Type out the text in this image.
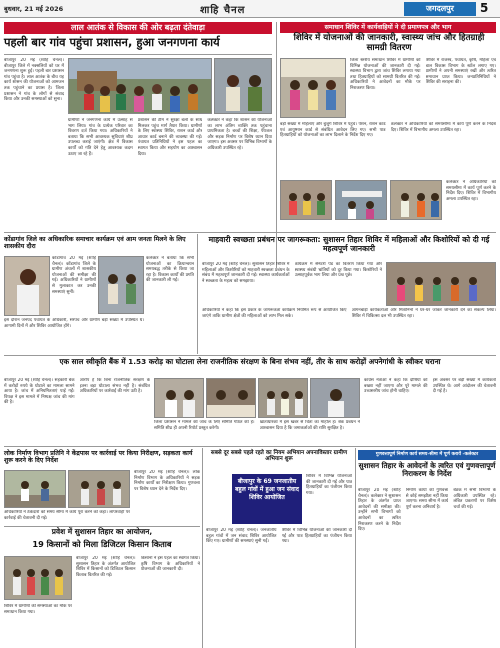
बुधवार, 21 मई 2026	शाहि चैनल	जगदलपुर	5
लाल आतंक से विकास की ओर बढ़ता दंतेवाड़ा
पहली बार गांव पहुंचा प्रशासन, हुआ जनगणना कार्य
बीजापुर 20 मई (शाहि चैनल)। बीजापुर जिले में नक्सलियों को घर में जनगणना शुरू हुई। पहली बार प्रशासन गांव पहुंचा है। लाल आतंक के बीच यह कार्य शासन की योजनाओं को आमजन तक पहुंचाने का प्रयास है। जिला प्रशासन ने गांव के लोगों से संवाद किया और उनकी समस्याओं को सुना।
ग्रामीणों ने जनगणना कार्य में उत्साह से भाग लिया। गांव के प्रत्येक परिवार का विवरण दर्ज किया गया। अधिकारियों ने बताया कि सभी आवश्यक सुविधाएं शीघ्र उपलब्ध कराई जाएंगी। क्षेत्र में विकास कार्यों को गति देने हेतु आवश्यक कदम उठाए जा रहे हैं।
प्रशासन की टीम ने सुरक्षा बलों के साथ मिलकर पहुंच मार्ग तैयार किया। ग्रामीणों के लिए स्वास्थ्य शिविर, राशन कार्ड और आधार कार्ड बनाने की व्यवस्था की गई। पंचायत प्रतिनिधियों ने इस पहल का स्वागत किया और सहयोग का आश्वासन दिया।
कलेक्टर ने कहा कि शासन की योजनाओं का लाभ अंतिम व्यक्ति तक पहुंचाना प्राथमिकता है। बच्चों की शिक्षा, पेयजल और सड़क निर्माण पर विशेष ध्यान दिया जाएगा। इस अवसर पर विभिन्न विभागों के अधिकारी उपस्थित रहे।
समाधान शिविर में कार्यवाहियों ने दी प्रमाणपत्र और भाग
शिविर में योजनाओं की जानकारी, स्वास्थ्य जांच और हितग्राही सामग्री वितरण
जिला स्तरीय समाधान शिविर में ग्रामीणों को विभिन्न योजनाओं की जानकारी दी गई। स्वास्थ्य विभाग द्वारा जांच शिविर लगाया गया तथा हितग्राहियों को सामग्री वितरित की गई। अधिकारियों ने आवेदनों का मौके पर निराकरण किया।
शिविर में राजस्व, पंचायत, कृषि, महिला एवं बाल विकास विभाग के स्टॉल लगाए गए। ग्रामीणों ने अपनी समस्याएं रखीं और त्वरित समाधान प्राप्त किया। जनप्रतिनिधियों ने शिविर की सराहना की।
बड़ी संख्या में महिलाएं और बुजुर्ग शिविर में पहुंचे। पेंशन, राशन कार्ड एवं आयुष्मान कार्ड से संबंधित आवेदन लिए गए। सभी पात्र हितग्राहियों को योजनाओं का लाभ दिलाने के निर्देश दिए गए।
कलेक्टर ने अधिकारियों को समयसीमा में कार्य पूर्ण करने के निर्देश दिए। शिविर में विभागीय अमला उपस्थित रहा।
कलेक्टर ने अधिकारियों को समयसीमा में कार्य पूर्ण करने के निर्देश दिए। शिविर में विभागीय अमला उपस्थित रहा।
कोंडागांव जिले का अधिकारिक समाचार कार्यक्रम एवं आम जनता मिलने के लिए शासकीय दौरा
कोंडागांव 20 मई (शाहि चैनल)। कोंडागांव जिले के ग्रामीण अंचलों में शासकीय योजनाओं की समीक्षा की गई। अधिकारियों ने ग्रामीणों से मुलाकात कर उनकी समस्याएं सुनीं।
कलेक्टर ने बताया कि सभी योजनाओं का क्रियान्वयन समयबद्ध तरीके से किया जा रहा है। विकास कार्यों की प्रगति की जानकारी ली गई।
इस दौरान जनपद पंचायत के अधिकारी, सरपंच और ग्रामीण बड़ी संख्या में उपस्थित थे। आगामी दिनों में और शिविर आयोजित होंगे।
माहवारी स्वच्छता प्रबंधन पर जागरूकता: सुशासन तिहार शिविर में महिलाओं और किशोरियों को दी गई महत्वपूर्ण जानकारी
बीजापुर 20 मई (शाहि चैनल)। सुशासन तिहार शिविर में महिलाओं और किशोरियों को माहवारी स्वच्छता प्रबंधन के संबंध में महत्वपूर्ण जानकारी दी गई। स्वास्थ्य कार्यकर्ताओं ने स्वच्छता के महत्व को समझाया।
कार्यक्रम में सेनेटरी पैड का वितरण किया गया और स्वास्थ्य संबंधी भ्रांतियों को दूर किया गया। किशोरियों ने उत्साहपूर्वक भाग लिया और प्रश्न पूछे।
अधिकारियों ने कहा कि इस प्रकार के जागरूकता कार्यक्रम नियमित रूप से आयोजित किए जाएंगे ताकि ग्रामीण क्षेत्रों की महिलाओं को लाभ मिल सके।
आंगनबाड़ी कार्यकर्ताओं और मितानिनों ने घर-घर जाकर जानकारी देने का संकल्प लिया। शिविर में चिकित्सा दल भी उपस्थित रहा।
एक साल स्वीकृति बैंक में 1.53 करोड़ का घोटाला लेना राजनीतिक संरक्षण के बिना संभव नहीं, तीर के साथ करोड़ों अपनेगांधी के स्वीकर घराना
बीजापुर 20 मई (शाहि चैनल)। सहकारी बैंक में करोड़ों रुपये के घोटाले का मामला सामने आया है। जांच में अनियमितताएं पाई गईं। विपक्ष ने इस मामले में निष्पक्ष जांच की मांग की है।
आरोप है कि बिना राजनीतिक संरक्षण के इतना बड़ा घोटाला संभव नहीं है। संबंधित अधिकारियों पर कार्रवाई की मांग उठी है।
जिला प्रशासन ने मामले की जांच के लिए समिति गठित की है। समिति शीघ्र ही अपनी रिपोर्ट प्रस्तुत करेगी।
खाताधारकों में इस खबर से चिंता का माहौल है। बैंक प्रबंधन ने आश्वासन दिया है कि जमाकर्ताओं की राशि सुरक्षित है।
कांग्रेस नेताओं ने कहा कि दोषियों को बख्शा नहीं जाएगा और पूरे मामले की उच्चस्तरीय जांच होनी चाहिए।
इस अवसर पर बड़ी संख्या में कार्यकर्ता उपस्थित थे। आगे आंदोलन की चेतावनी दी गई है।
लोक निर्माण विभाग प्रतिनि ने केंद्रपास पर कार्रवाई पर किया निरीक्षण, सड़कता कार्य शुरू करने के दिए निर्देश
बीजापुर 20 मई (शाहि चैनल)। लोक निर्माण विभाग के अधिकारियों ने सड़क निर्माण कार्यों का निरीक्षण किया। गुणवत्ता पर विशेष ध्यान देने के निर्देश दिए।
अधिकारियों ने ठेकेदारों को समय सीमा में कार्य पूरा करने को कहा। लापरवाही पर कार्रवाई की चेतावनी दी गई।
सबसे दूर सबसे पहले रहते का नियम अभियान अपनाविस्तार ग्रामीण अभियान शुरू
बीजापुर के 69 जनजातीय बहुल गांवों में हुआ जन संवाद शिविर आयोजित
बीजापुर 20 मई (शाहि चैनल)। जनजातीय बहुल गांवों में जन संवाद शिविर आयोजित किए गए। ग्रामीणों की समस्याएं सुनी गईं।
शिविर में विभिन्न योजनाओं की जानकारी दी गई और पात्र हितग्राहियों का पंजीयन किया गया।
शिविर में विभिन्न योजनाओं की जानकारी दी गई और पात्र हितग्राहियों का पंजीयन किया गया।
गुणवत्तापूर्ण निर्माण कार्य समय-सीमा में पूर्ण करायें -कलेक्टर
सुशासन तिहार के आवेदनों के त्वरित एवं गुणवत्तापूर्ण निराकरण के निर्देश
बीजापुर 20 मई (शाहि चैनल)। कलेक्टर ने सुशासन तिहार के अंतर्गत प्राप्त आवेदनों की समीक्षा की। उन्होंने सभी विभागों को आवेदनों का त्वरित निराकरण करने के निर्देश दिए।
निर्माण कार्यों की गुणवत्ता से कोई समझौता नहीं किया जाएगा। समय सीमा में कार्य पूर्ण करना अनिवार्य है।
बैठक में सभी विभागों के अधिकारी उपस्थित रहे। लंबित प्रकरणों पर विशेष चर्चा की गई।
प्रवेश में सुशासन तिहार का आयोजन,
19 किसानों को मिला डिजिटल किसान किताब
बीजापुर 20 मई (शाहि चैनल)। सुशासन तिहार के अंतर्गत आयोजित शिविर में किसानों को डिजिटल किसान किताब वितरित की गई।
किसानों ने इस पहल का स्वागत किया। कृषि विभाग के अधिकारियों ने योजनाओं की जानकारी दी।
शिविर में ग्रामीणों की समस्याओं का मौके पर समाधान किया गया।
